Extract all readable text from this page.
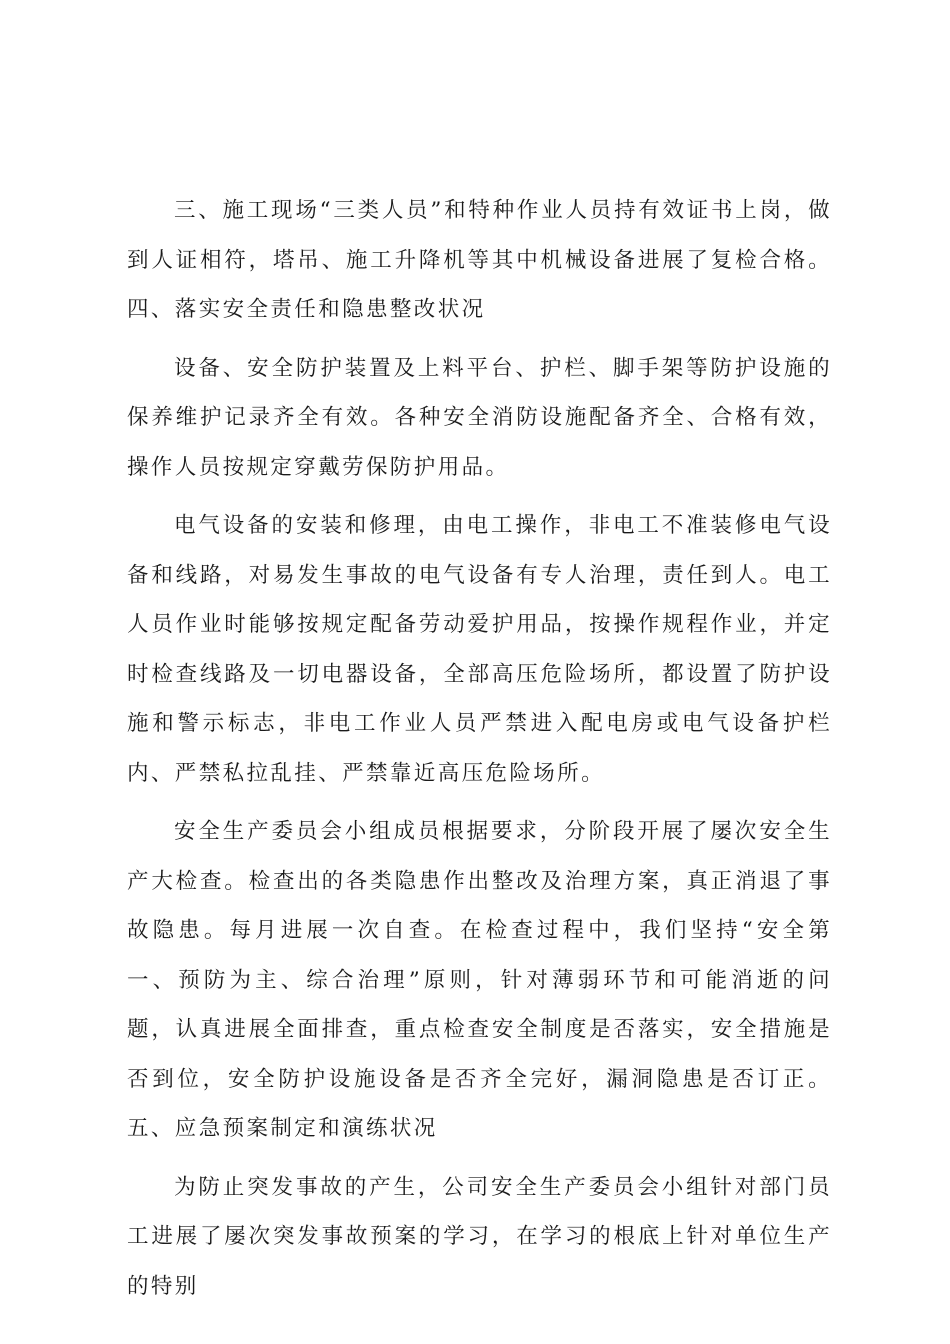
三、施工现场“三类人员”和特种作业人员持有效证书上岗，做到人证相符，塔吊、施工升降机等其中机械设备进展了复检合格。四、落实安全责任和隐患整改状况

设备、安全防护装置及上料平台、护栏、脚手架等防护设施的保养维护记录齐全有效。各种安全消防设施配备齐全、合格有效，操作人员按规定穿戴劳保防护用品。

电气设备的安装和修理，由电工操作，非电工不准装修电气设备和线路，对易发生事故的电气设备有专人治理，责任到人。电工人员作业时能够按规定配备劳动爱护用品，按操作规程作业，并定时检查线路及一切电器设备，全部高压危险场所，都设置了防护设施和警示标志，非电工作业人员严禁进入配电房或电气设备护栏内、严禁私拉乱挂、严禁靠近高压危险场所。

安全生产委员会小组成员根据要求，分阶段开展了屡次安全生产大检查。检查出的各类隐患作出整改及治理方案，真正消退了事故隐患。每月进展一次自查。在检查过程中，我们坚持“安全第一、预防为主、综合治理”原则，针对薄弱环节和可能消逝的问题，认真进展全面排查，重点检查安全制度是否落实，安全措施是否到位，安全防护设施设备是否齐全完好，漏洞隐患是否订正。五、应急预案制定和演练状况

为防止突发事故的产生，公司安全生产委员会小组针对部门员工进展了屡次突发事故预案的学习，在学习的根底上针对单位生产的特别
